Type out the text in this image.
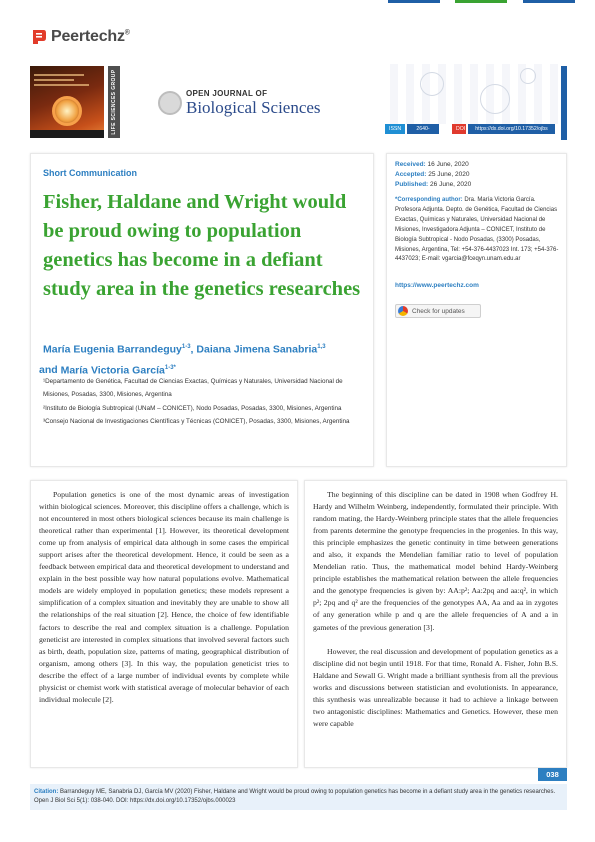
Peertechz®
LIFE SCIENCES GROUP	OPEN JOURNAL OF
Biological Sciences
ISSN	2640-7795
DOI	https://dx.doi.org/10.17352/ojbs
Short Communication
Fisher, Haldane and Wright would be proud owing to population genetics has become in a defiant study area in the genetics researches
María Eugenia Barrandeguy$^{1-3}$, Daiana Jimena Sanabria$^{1,3}$
and María Victoria García$^{1-3*}$
¹Departamento de Genética, Facultad de Ciencias Exactas, Químicas y Naturales, Universidad Nacional de Misiones, Posadas, 3300, Misiones, Argentina
²Instituto de Biología Subtropical (UNaM – CONICET), Nodo Posadas, Posadas, 3300, Misiones, Argentina
³Consejo Nacional de Investigaciones Científicas y Técnicas (CONICET), Posadas, 3300, Misiones, Argentina
Received: 16 June, 2020
Accepted: 25 June, 2020
Published: 26 June, 2020
*Corresponding author: Dra. María Victoria García. Profesora Adjunta. Depto. de Genética, Facultad de Ciencias Exactas, Químicas y Naturales, Universidad Nacional de Misiones, Investigadora Adjunta – CONICET, Instituto de Biología Subtropical - Nodo Posadas, (3300) Posadas, Misiones, Argentina, Tel: +54-376-4437023 Int. 173; +54-376-4437023; E-mail: vgarcia@fceqyn.unam.edu.ar
https://www.peertechz.com
Check for updates

Population genetics is one of the most dynamic areas of investigation within biological sciences. Moreover, this discipline offers a challenge, which is not encountered in most others biological sciences because its main challenge is theoretical rather than experimental [1]. However, its theoretical development come up from analysis of empirical data although in some cases the empirical support arises after the theoretical development. Hence, it could be seen as a feedback between empirical data and theoretical development to understand and explain in the best possible way how natural populations evolve. Mathematical models are widely employed in population genetics; these models represent a simplification of a complex situation and inevitably they are unable to show all the relationships of the real situation [2]. Hence, the choice of few identifiable factors to describe the real and complex situation is a challenge. Population geneticist are interested in complex situations that involved several factors such as birth, death, population size, patterns of mating, geographical distribution of organism, among others [3]. In this way, the population geneticist tries to describe the effect of a large number of individual events by complete while physicist or chemist work with statistical average of molecular behavior of each individual molecule [2].

The beginning of this discipline can be dated in 1908 when Godfrey H. Hardy and Wilhelm Weinberg, independently, formulated their principle. With random mating, the Hardy-Weinberg principle states that the allele frequencies from parents determine the genotype frequencies in the progenies. In this way, this principle emphasizes the genetic continuity in time between generations and also, it expands the Mendelian familiar ratio to level of population Mendelian ratio. Thus, the mathematical model behind Hardy-Weinberg principle establishes the mathematical relation between the allele frequencies and the genotype frequencies is given by: AA:p²; Aa:2pq and aa:q², in which p²; 2pq and q² are the frequencies of the genotypes AA, Aa and aa in zygotes of any generation while p and q are the allele frequencies of A and a in gametes of the previous generation [3].

However, the real discussion and development of population genetics as a discipline did not begin until 1918. For that time, Ronald A. Fisher, John B.S. Haldane and Sewall G. Wright made a brilliant synthesis from all the previous works and discussions between statistician and evolutionists. In appearance, this synthesis was unrealizable because it had to achieve a linkage between two antagonistic disciplines: Mathematics and Genetics. However, these men were capable

038
Citation: Barrandeguy ME, Sanabria DJ, García MV (2020) Fisher, Haldane and Wright would be proud owing to population genetics has become in a defiant study area in the genetics researches. Open J Biol Sci 5(1): 038-040. DOI: https://dx.doi.org/10.17352/ojbs.000023
